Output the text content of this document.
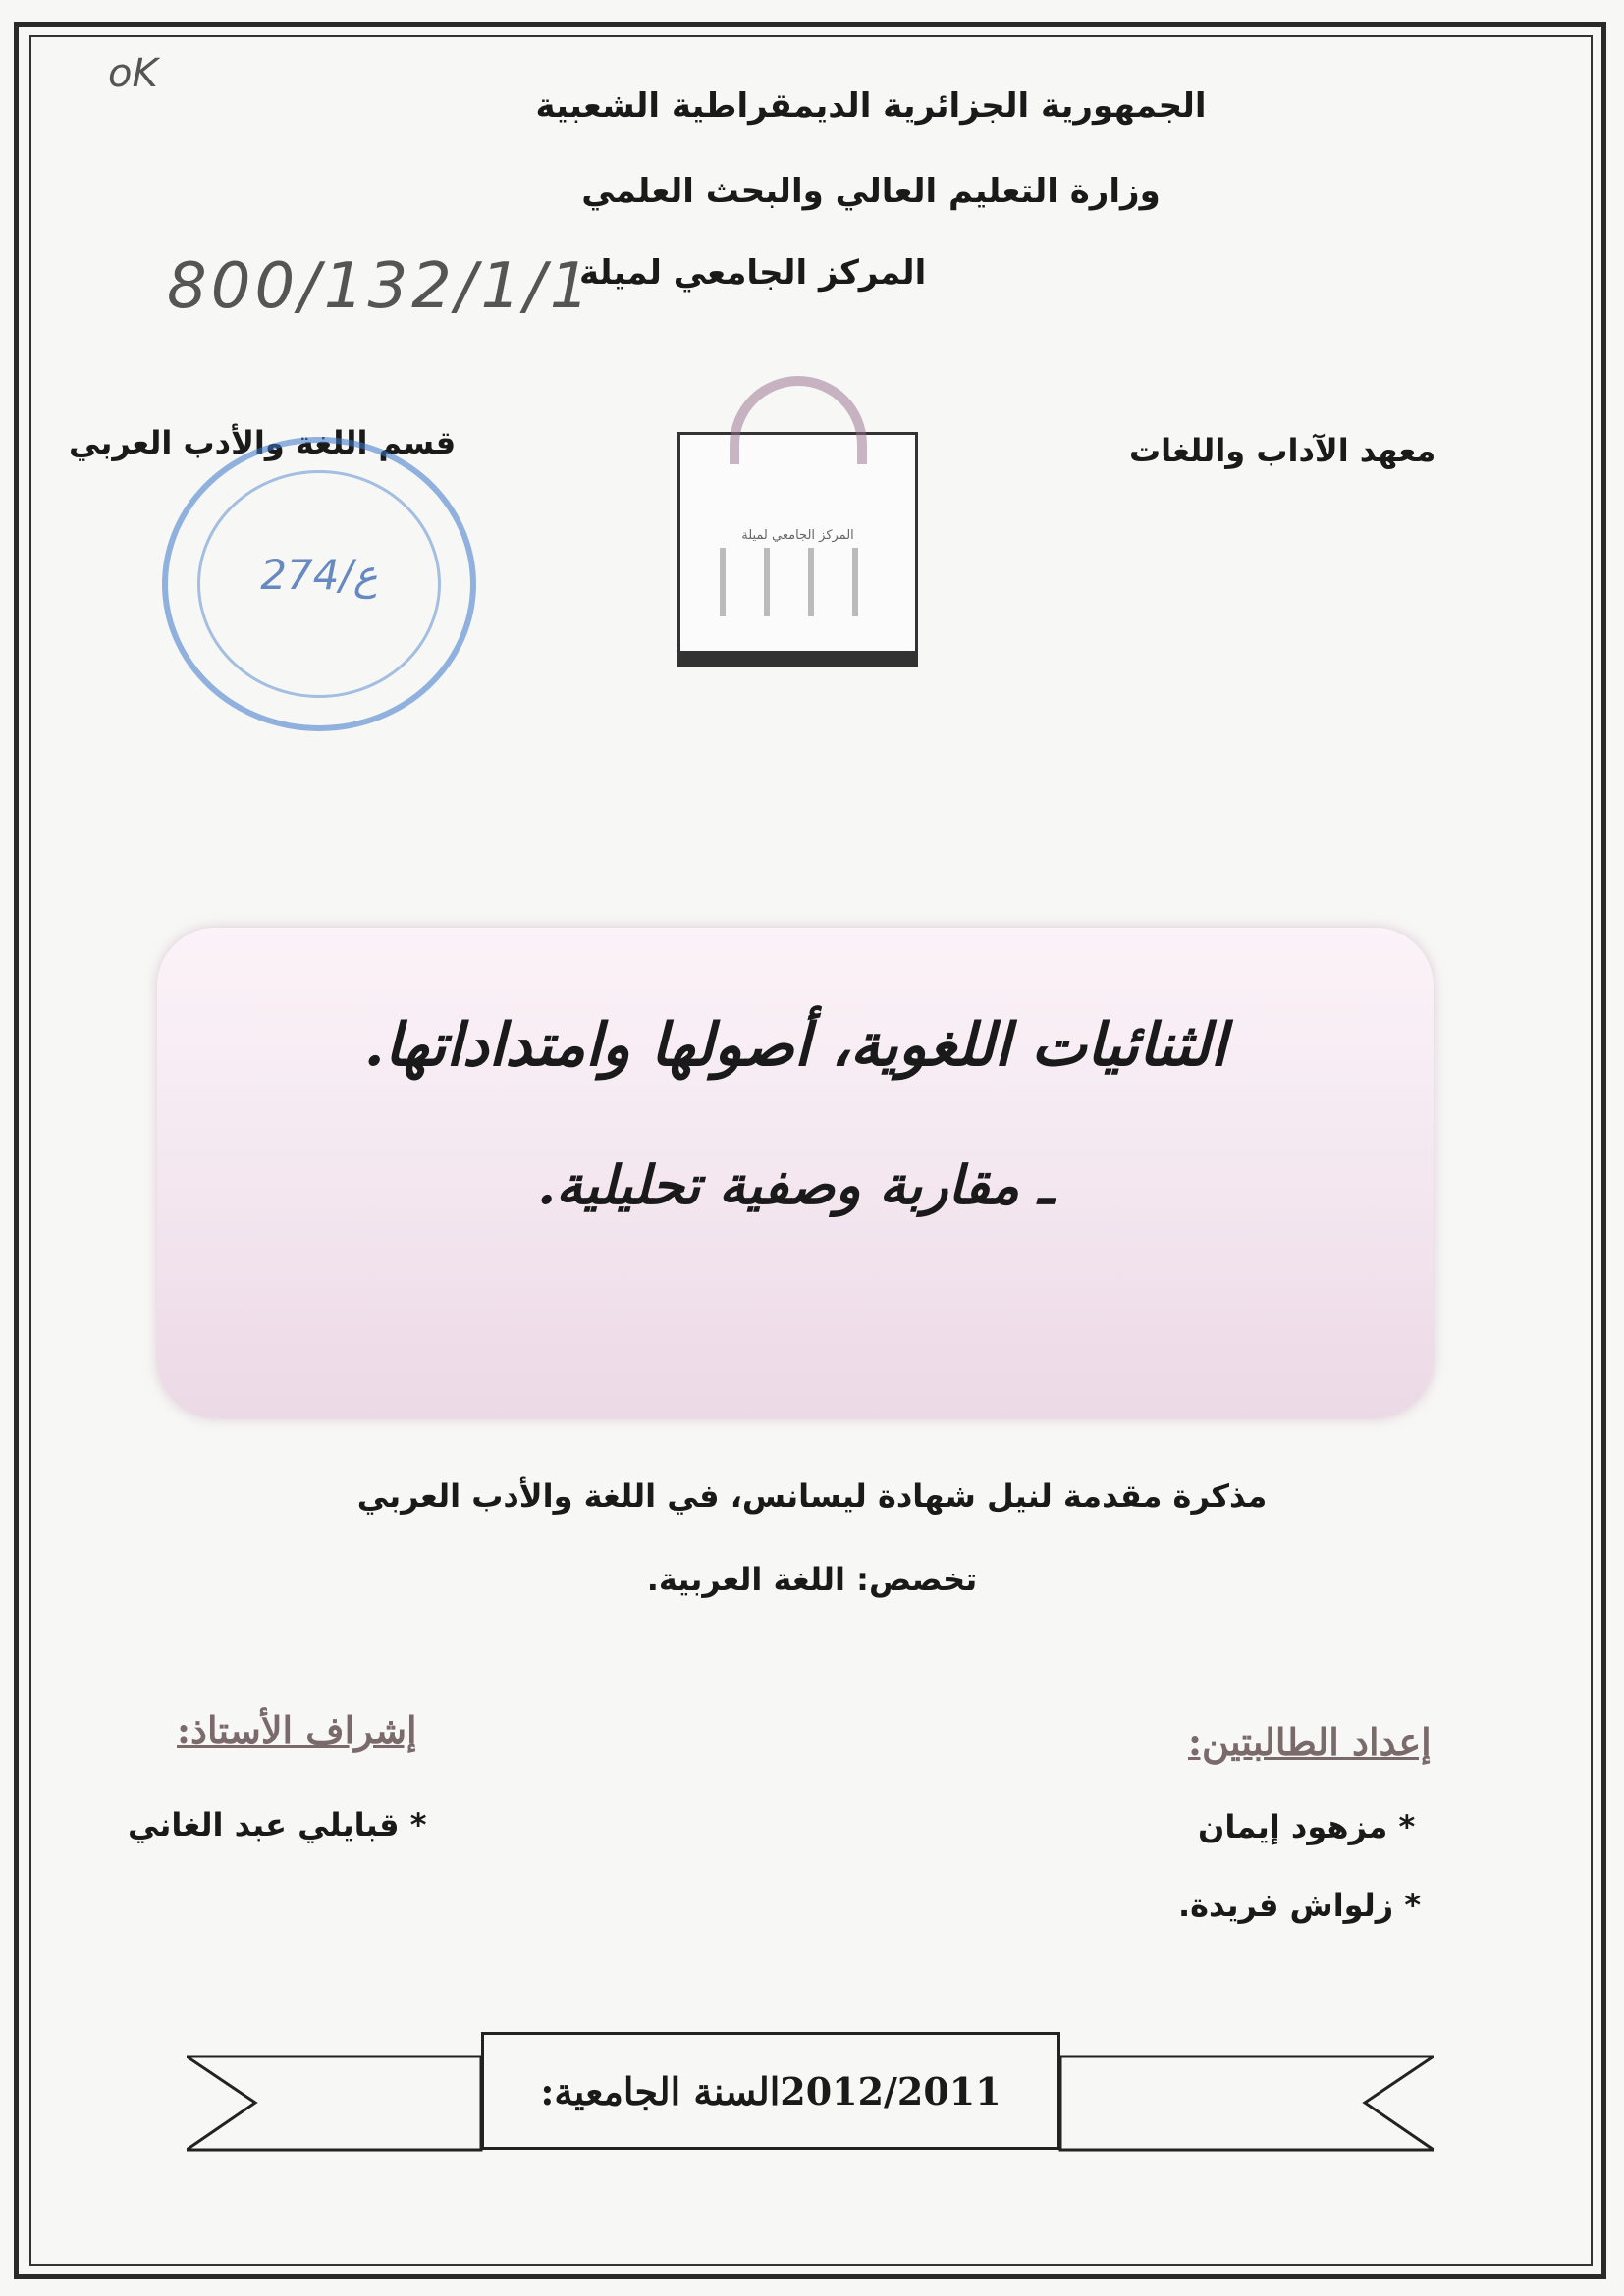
oK
800/132/1/1
الجمهورية الجزائرية الديمقراطية الشعبية
وزارة التعليم العالي والبحث العلمي
المركز الجامعي لميلة
قسم اللغة والأدب العربي	معهد الآداب واللغات
ع/274
المركز الجامعي لميلة
الثنائيات اللغوية، أصولها وامتداداتها.
ـ مقاربة وصفية تحليلية.
مذكرة مقدمة لنيل شهادة ليسانس، في اللغة والأدب العربي
تخصص: اللغة العربية.
إعداد الطالبتين:
* مزهود إيمان
* زلواش فريدة.
إشراف الأستاذ:
* قبايلي عبد الغاني
السنة الجامعية: 2012/2011
